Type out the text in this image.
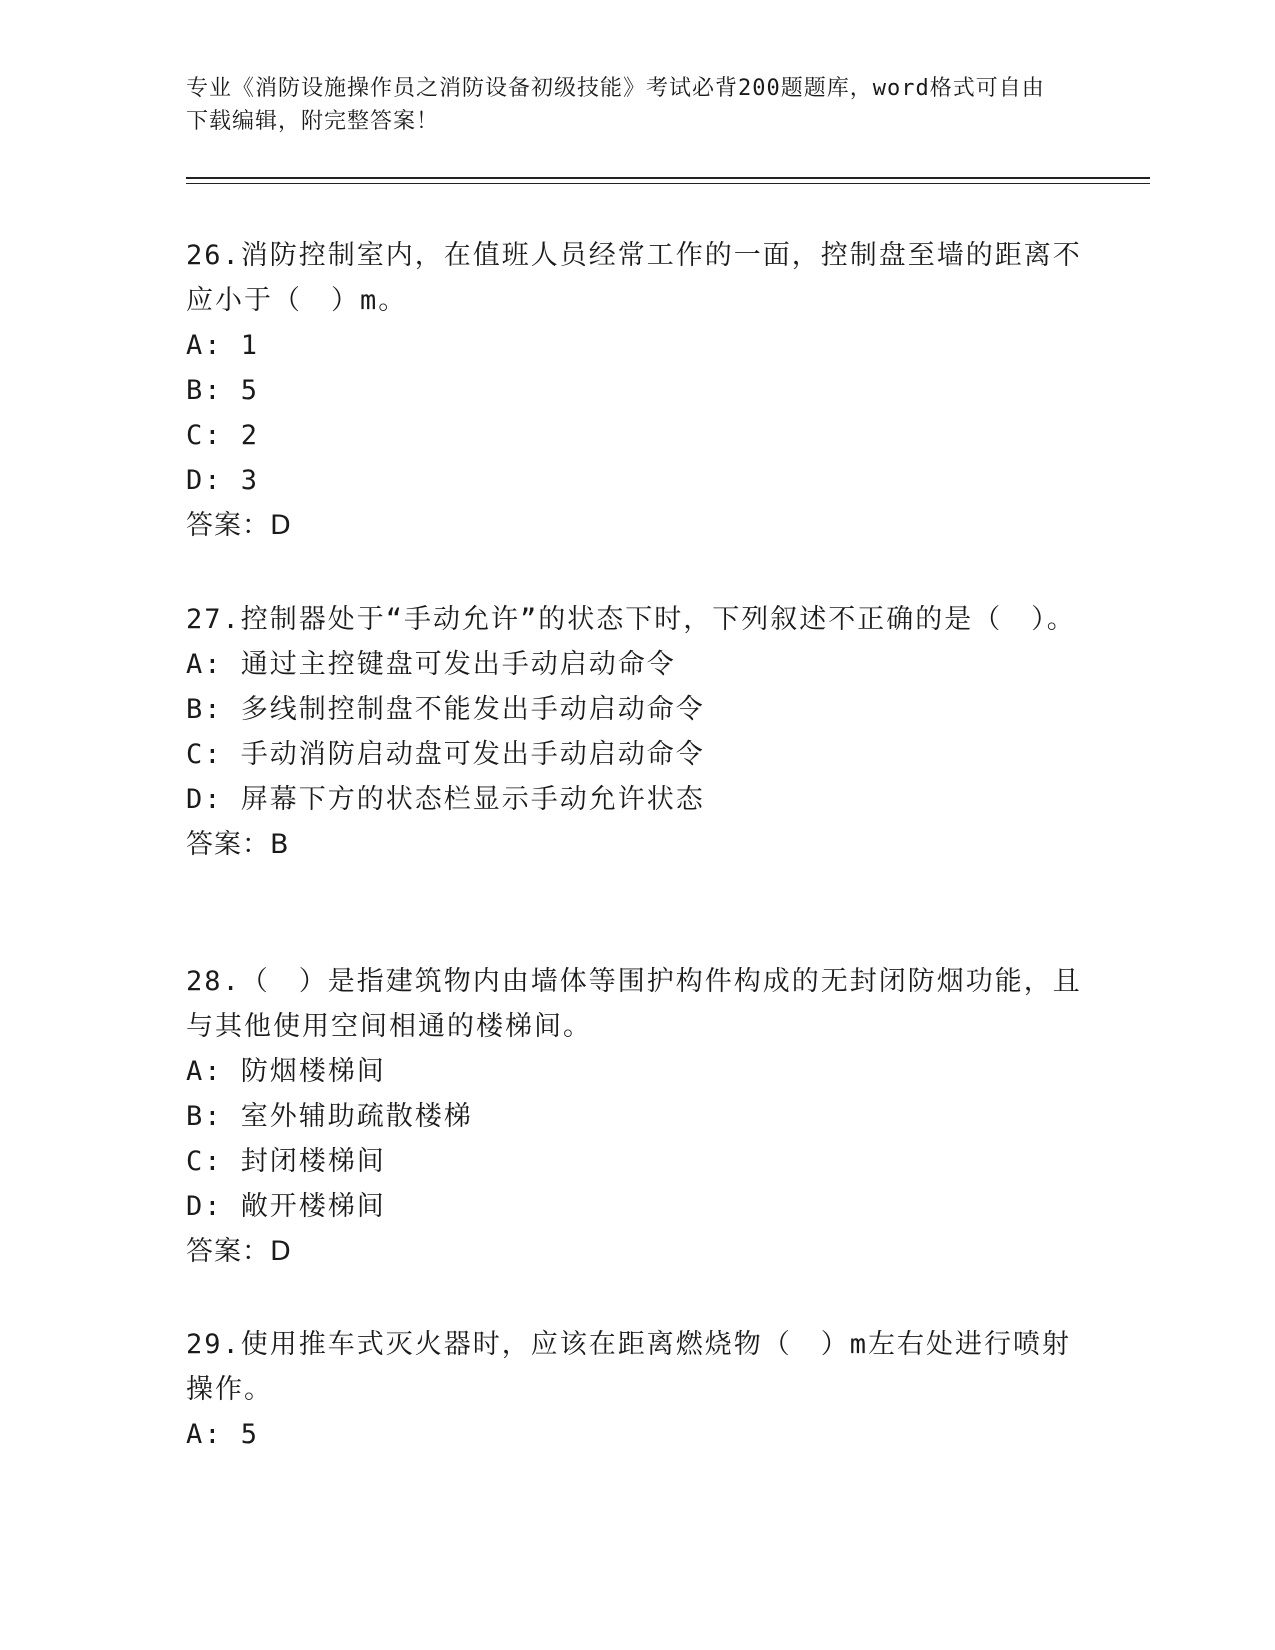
专业《消防设施操作员之消防设备初级技能》考试必背200题题库，word格式可自由下载编辑，附完整答案！
26.消防控制室内，在值班人员经常工作的一面，控制盘至墙的距离不应小于（　）m。
A: 1
B: 5
C: 2
D: 3
答案：D
27.控制器处于“手动允许”的状态下时，下列叙述不正确的是（　）。
A: 通过主控键盘可发出手动启动命令
B: 多线制控制盘不能发出手动启动命令
C: 手动消防启动盘可发出手动启动命令
D: 屏幕下方的状态栏显示手动允许状态
答案：B
28.（　）是指建筑物内由墙体等围护构件构成的无封闭防烟功能，且与其他使用空间相通的楼梯间。
A: 防烟楼梯间
B: 室外辅助疏散楼梯
C: 封闭楼梯间
D: 敞开楼梯间
答案：D
29.使用推车式灭火器时，应该在距离燃烧物（　）m左右处进行喷射操作。
A: 5
